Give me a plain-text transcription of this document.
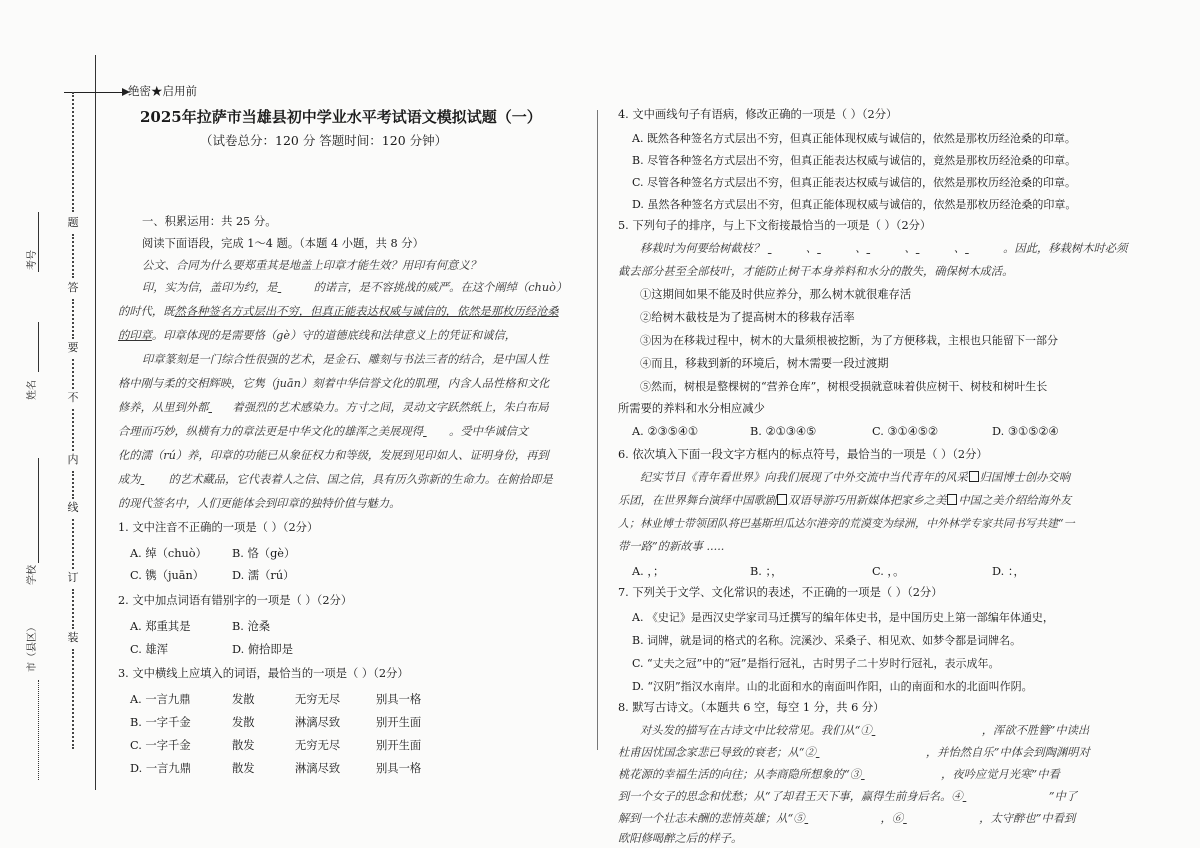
题
答
要
不
内
线
订
装
考号
姓名
学校
市（县区）
绝密★启用前
2025年拉萨市当雄县初中学业水平考试语文模拟试题（一）
（试卷总分：120 分 答题时间：120 分钟）
一、积累运用：共 25 分。
阅读下面语段，完成 1～4 题。（本题 4 小题，共 8 分）
公文、合同为什么要郑重其是地盖上印章才能生效？用印有何意义？
印，实为信，盖印为约，是	的诺言，是不容挑战的威严。在这个阐绰（chuò）
的时代，既然各种签名方式层出不穷，但真正能表达权威与诚信的，依然是那枚历经沧桑
的印章。印章体现的是需要恪（gè）守的道德底线和法律意义上的凭证和诚信，
印章篆刻是一门综合性很强的艺术，是金石、雕刻与书法三者的结合，是中国人性
格中刚与柔的交相辉映，它隽（juān）刻着中华信誉文化的肌理，内含人品性格和文化
修养，从里到外都 着强烈的艺术感染力。方寸之间，灵动文字跃然纸上，朱白布局
合理而巧妙，纵横有力的章法更是中华文化的雄浑之美展现得 。受中华诚信文
化的濡（rú）养，印章的功能已从象征权力和等级，发展到见印如人、证明身份，再到
成为 的艺术藏品，它代表着人之信、国之信，具有历久弥新的生命力。在俯拾即是
的现代签名中，人们更能体会到印章的独特价值与魅力。
1. 文中注音不正确的一项是（ ）（2分）
A. 绰（chuò） B. 恪（gè）
C. 镌（juān） D. 濡（rú）
2. 文中加点词语有错别字的一项是（ ）（2分）
A. 郑重其是	B. 沧桑
C. 雄浑	D. 俯拾即是
3. 文中横线上应填入的词语，最恰当的一项是（ ）（2分）
A. 一言九鼎	发散	无穷无尽	别具一格
B. 一字千金	发散	淋漓尽致	别开生面
C. 一字千金	散发	无穷无尽	别开生面
D. 一言九鼎	散发	淋漓尽致	别具一格
4. 文中画线句子有语病，修改正确的一项是（ ）（2分）
A. 既然各种签名方式层出不穷，但真正能体现权威与诚信的，依然是那枚历经沧桑的印章。
B. 尽管各种签名方式层出不穷，但真正能表达权威与诚信的，竟然是那枚历经沧桑的印章。
C. 尽管各种签名方式层出不穷，但真正能表达权威与诚信的，依然是那枚历经沧桑的印章。
D. 虽然各种签名方式层出不穷，但真正能体现权威与诚信的，依然是那枚历经沧桑的印章。
5. 下列句子的排序，与上下文衔接最恰当的一项是（ ）（2分）
移栽时为何要给树截枝？	、	、	、	、	。因此，移栽树木时必须
截去部分甚至全部枝叶，才能防止树干本身养料和水分的散失，确保树木成活。
①这期间如果不能及时供应养分，那么树木就很难存活
②给树木截枝是为了提高树木的移栽存活率
③因为在移栽过程中，树木的大量须根被挖断，为了方便移栽，主根也只能留下一部分
④而且，移栽到新的环境后，树木需要一段过渡期
⑤然而，树根是整棵树的“营养仓库”，树根受损就意味着供应树干、树枝和树叶生长
所需要的养料和水分相应减少
A. ②③⑤④①	B. ②①③④⑤	C. ③①④⑤②	D. ③①⑤②④
6. 依次填入下面一段文字方框内的标点符号，最恰当的一项是（ ）（2分）
纪实节目《青年看世界》向我们展现了中外交流中当代青年的风采 归国博士创办交响
乐团，在世界舞台演绎中国歌剧 双语导游巧用新媒体把家乡之美 中国之美介绍给海外友
人；林业博士带领团队将巴基斯坦瓜达尔港旁的荒漠变为绿洲，中外林学专家共同书写共建“一
带一路”的新故事 .....
A. ，；	B. ；，	C. ，。	D. ：，
7. 下列关于文学、文化常识的表述，不正确的一项是（ ）（2分）
A. 《史记》是西汉史学家司马迁撰写的编年体史书，是中国历史上第一部编年体通史，
B. 词牌，就是词的格式的名称。浣溪沙、采桑子、相见欢、如梦令都是词牌名。
C. “丈夫之冠”中的“冠”是指行冠礼，古时男子二十岁时行冠礼，表示成年。
D. “汉阴”指汉水南岸。山的北面和水的南面叫作阳，山的南面和水的北面叫作阴。
8. 默写古诗文。（本题共 6 空，每空 1 分，共 6 分）
对头发的描写在古诗文中比较常见。我们从“①	，浑欲不胜簪”中读出
杜甫因忧国念家悲已导致的衰老；从“②	，并怡然自乐”中体会到陶渊明对
桃花源的幸福生活的向往；从李商隐所想象的“③	，夜吟应觉月光寒”中看
到一个女子的思念和忧愁；从“了却君王天下事，赢得生前身后名。④	”中了
解到一个壮志未酬的悲情英雄；从“⑤	，⑥	，太守醉也”中看到
欧阳修喝醉之后的样子。
